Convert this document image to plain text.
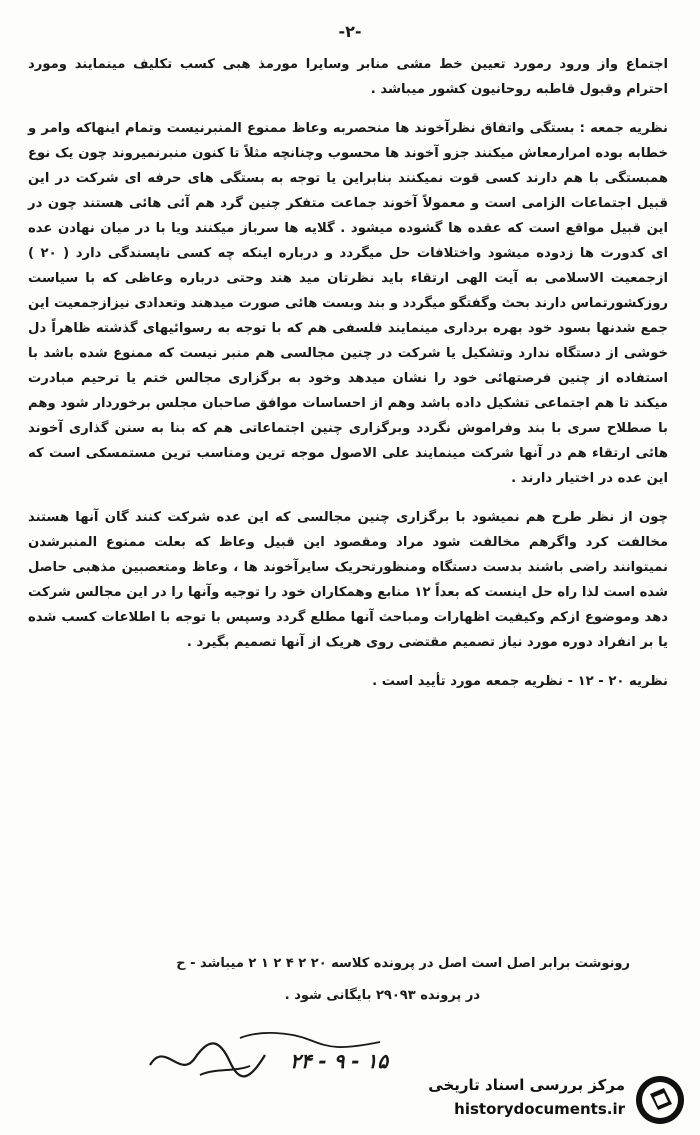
-۲-

اجتماع واز ورود رمورد تعیین خط مشی منابر وسایرا مورمذ هبی کسب تکلیف مینمایند ومورد احترام وقبول قاطبه روحانیون کشور میباشد .

نظریه جمعه : بستگی واتفاق نظرآخوند ها منحصربه وعاظ ممنوع المنبرنیست وتمام اینهاکه وامر و خطابه بوده امرارمعاش میکنند جزو آخوند ها محسوب وچنانچه مثلاً تا کنون منبرنمیروند چون یک نوع همبستگی با هم دارند کسی قوت نمیکنند بنابراین یا توجه به بستگی های حرفه ای شرکت در این قبیل اجتماعات الزامی است و معمولاً آخوند جماعت متفکر چنین گرد هم آئی هائی هستند چون در این قبیل مواقع است که عقده ها گشوده میشود . گلایه ها سرباز میکنند ویا با در میان نهادن عده ای کدورت ها زدوده میشود واختلافات حل میگردد و درباره اینکه چه کسی ناپسندگی دارد ( ۲۰ ) ازجمعیت الاسلامی به آیت الهی ارتقاء باید نظرتان مید هند وحتی درباره وعاظی که با سیاست روزکشورتماس دارند بحث وگفتگو میگردد و بند وبست هائی صورت میدهند وتعدادی نیزازجمعیت این جمع شدنها بسود خود بهره برداری مینمایند فلسفی هم که با توجه به رسوائیهای گذشته ظاهراً دل خوشی از دستگاه ندارد وتشکیل یا شرکت در چنین مجالسی هم منبر نیست که ممنوع شده باشد با استفاده از چنین فرصتهائی خود را نشان میدهد وخود به برگزاری مجالس ختم یا ترحیم مبادرت میکند تا هم اجتماعی تشکیل داده باشد وهم از احساسات موافق صاحبان مجلس برخوردار شود وهم با صطلاح سری با بند وفراموش نگردد وبرگزاری چنین اجتماعاتی هم که بنا به سنن گذاری آخوند هائی ارتقاء هم در آنها شرکت مینمایند علی الاصول موجه ترین ومناسب ترین مستمسکی است که این عده در اختیار دارند .

چون از نظر طرح هم نمیشود با برگزاری چنین مجالسی که این عده شرکت کنند گان آنها هستند مخالفت کرد واگرهم مخالفت شود مراد ومقصود این قبیل وعاظ که بعلت ممنوع المنبرشدن نمیتوانند راضی باشند بدست دستگاه ومنظورتحریک سایرآخوند ها ، وعاظ ومتعصبین مذهبی حاصل شده است لذا راه حل اینست که بعداً ۱۲ منابع وهمکاران خود را توجیه وآنها را در این مجالس شرکت دهد وموضوع ازکم وکیفیت اظهارات ومباحث آنها مطلع گردد وسپس با توجه با اطلاعات کسب شده یا بر انفراد دوره مورد نیاز تصمیم مقتضی روی هریک از آنها تصمیم بگیرد .

نظریه ۲۰ - ۱۲ - نظریه جمعه مورد تأیید است .

رونوشت برابر اصل است اصل در پرونده کلاسه ۲۰ ۲ ۴ ۲ ۱ ۲ میباشد - ح
در پرونده ۲۹۰۹۳ بایگانی شود .
۲۴ - ۹ - ۱۵
مرکز بررسی اسناد تاریخی
historydocuments.ir
